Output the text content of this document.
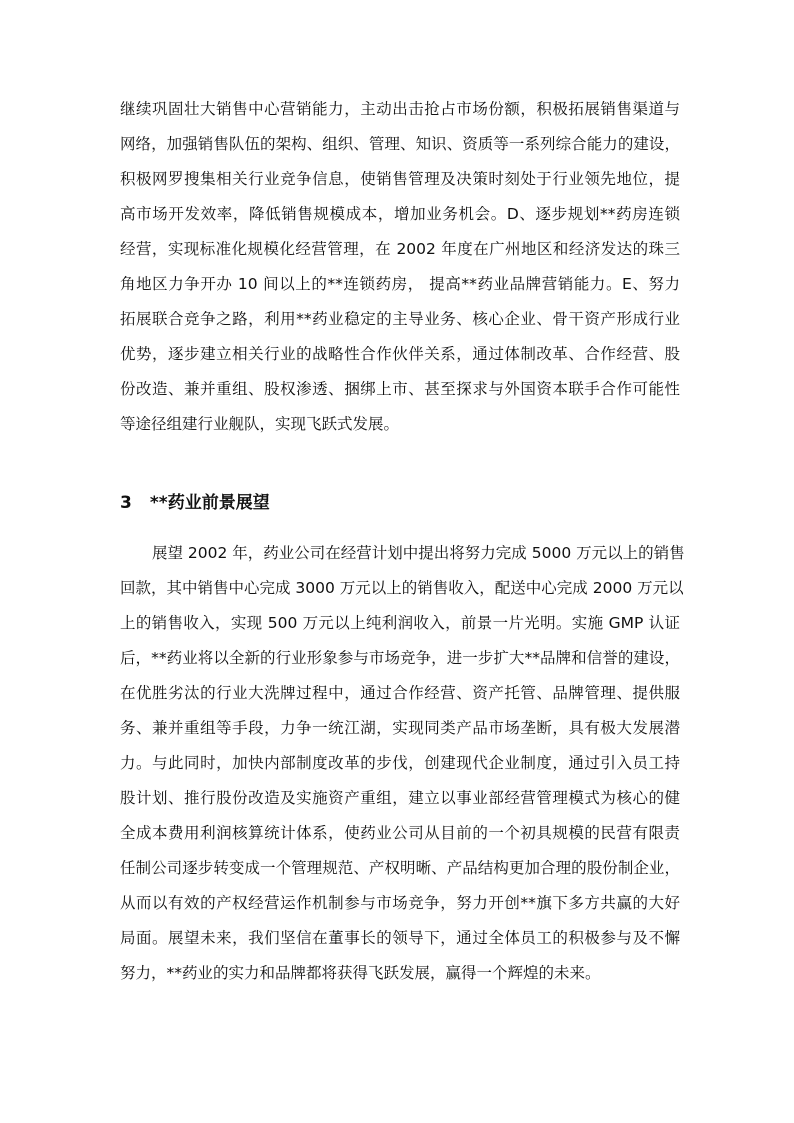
继续巩固壮大销售中心营销能力，主动出击抢占市场份额，积极拓展销售渠道与
网络，加强销售队伍的架构、组织、管理、知识、资质等一系列综合能力的建设，
积极网罗搜集相关行业竞争信息，使销售管理及决策时刻处于行业领先地位，提
高市场开发效率，降低销售规模成本，增加业务机会。D、逐步规划**药房连锁
经营，实现标准化规模化经营管理，在 2002 年度在广州地区和经济发达的珠三
角地区力争开办 10 间以上的**连锁药房， 提高**药业品牌营销能力。E、努力
拓展联合竞争之路，利用**药业稳定的主导业务、核心企业、骨干资产形成行业
优势，逐步建立相关行业的战略性合作伙伴关系，通过体制改革、合作经营、股
份改造、兼并重组、股权渗透、捆绑上市、甚至探求与外国资本联手合作可能性
等途径组建行业舰队，实现飞跃式发展。
3 **药业前景展望
展望 2002 年，药业公司在经营计划中提出将努力完成 5000 万元以上的销售
回款，其中销售中心完成 3000 万元以上的销售收入，配送中心完成 2000 万元以
上的销售收入，实现 500 万元以上纯利润收入，前景一片光明。实施 GMP 认证
后，**药业将以全新的行业形象参与市场竞争，进一步扩大**品牌和信誉的建设，
在优胜劣汰的行业大洗牌过程中，通过合作经营、资产托管、品牌管理、提供服
务、兼并重组等手段，力争一统江湖，实现同类产品市场垄断，具有极大发展潜
力。与此同时，加快内部制度改革的步伐，创建现代企业制度，通过引入员工持
股计划、推行股份改造及实施资产重组，建立以事业部经营管理模式为核心的健
全成本费用利润核算统计体系，使药业公司从目前的一个初具规模的民营有限责
任制公司逐步转变成一个管理规范、产权明晰、产品结构更加合理的股份制企业，
从而以有效的产权经营运作机制参与市场竞争，努力开创**旗下多方共赢的大好
局面。展望未来，我们坚信在董事长的领导下，通过全体员工的积极参与及不懈
努力，**药业的实力和品牌都将获得飞跃发展，赢得一个辉煌的未来。
